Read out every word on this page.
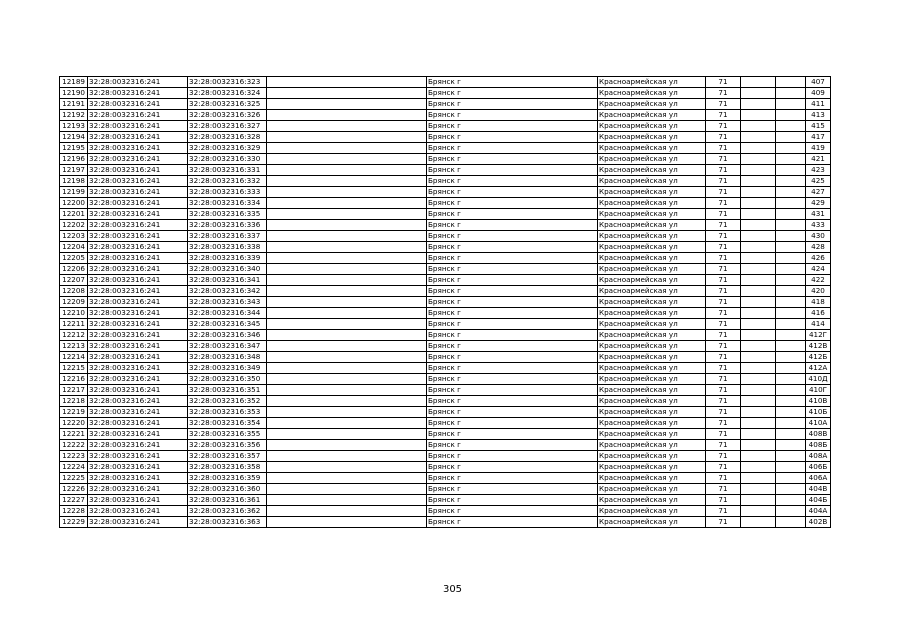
12189	32:28:0032316:241	32:28:0032316:323		Брянск г	Красноармейская ул	71			407
12190	32:28:0032316:241	32:28:0032316:324		Брянск г	Красноармейская ул	71			409
12191	32:28:0032316:241	32:28:0032316:325		Брянск г	Красноармейская ул	71			411
12192	32:28:0032316:241	32:28:0032316:326		Брянск г	Красноармейская ул	71			413
12193	32:28:0032316:241	32:28:0032316:327		Брянск г	Красноармейская ул	71			415
12194	32:28:0032316:241	32:28:0032316:328		Брянск г	Красноармейская ул	71			417
12195	32:28:0032316:241	32:28:0032316:329		Брянск г	Красноармейская ул	71			419
12196	32:28:0032316:241	32:28:0032316:330		Брянск г	Красноармейская ул	71			421
12197	32:28:0032316:241	32:28:0032316:331		Брянск г	Красноармейская ул	71			423
12198	32:28:0032316:241	32:28:0032316:332		Брянск г	Красноармейская ул	71			425
12199	32:28:0032316:241	32:28:0032316:333		Брянск г	Красноармейская ул	71			427
12200	32:28:0032316:241	32:28:0032316:334		Брянск г	Красноармейская ул	71			429
12201	32:28:0032316:241	32:28:0032316:335		Брянск г	Красноармейская ул	71			431
12202	32:28:0032316:241	32:28:0032316:336		Брянск г	Красноармейская ул	71			433
12203	32:28:0032316:241	32:28:0032316:337		Брянск г	Красноармейская ул	71			430
12204	32:28:0032316:241	32:28:0032316:338		Брянск г	Красноармейская ул	71			428
12205	32:28:0032316:241	32:28:0032316:339		Брянск г	Красноармейская ул	71			426
12206	32:28:0032316:241	32:28:0032316:340		Брянск г	Красноармейская ул	71			424
12207	32:28:0032316:241	32:28:0032316:341		Брянск г	Красноармейская ул	71			422
12208	32:28:0032316:241	32:28:0032316:342		Брянск г	Красноармейская ул	71			420
12209	32:28:0032316:241	32:28:0032316:343		Брянск г	Красноармейская ул	71			418
12210	32:28:0032316:241	32:28:0032316:344		Брянск г	Красноармейская ул	71			416
12211	32:28:0032316:241	32:28:0032316:345		Брянск г	Красноармейская ул	71			414
12212	32:28:0032316:241	32:28:0032316:346		Брянск г	Красноармейская ул	71			412Г
12213	32:28:0032316:241	32:28:0032316:347		Брянск г	Красноармейская ул	71			412В
12214	32:28:0032316:241	32:28:0032316:348		Брянск г	Красноармейская ул	71			412Б
12215	32:28:0032316:241	32:28:0032316:349		Брянск г	Красноармейская ул	71			412А
12216	32:28:0032316:241	32:28:0032316:350		Брянск г	Красноармейская ул	71			410Д
12217	32:28:0032316:241	32:28:0032316:351		Брянск г	Красноармейская ул	71			410Г
12218	32:28:0032316:241	32:28:0032316:352		Брянск г	Красноармейская ул	71			410В
12219	32:28:0032316:241	32:28:0032316:353		Брянск г	Красноармейская ул	71			410Б
12220	32:28:0032316:241	32:28:0032316:354		Брянск г	Красноармейская ул	71			410А
12221	32:28:0032316:241	32:28:0032316:355		Брянск г	Красноармейская ул	71			408В
12222	32:28:0032316:241	32:28:0032316:356		Брянск г	Красноармейская ул	71			408Б
12223	32:28:0032316:241	32:28:0032316:357		Брянск г	Красноармейская ул	71			408А
12224	32:28:0032316:241	32:28:0032316:358		Брянск г	Красноармейская ул	71			406Б
12225	32:28:0032316:241	32:28:0032316:359		Брянск г	Красноармейская ул	71			406А
12226	32:28:0032316:241	32:28:0032316:360		Брянск г	Красноармейская ул	71			404В
12227	32:28:0032316:241	32:28:0032316:361		Брянск г	Красноармейская ул	71			404Б
12228	32:28:0032316:241	32:28:0032316:362		Брянск г	Красноармейская ул	71			404А
12229	32:28:0032316:241	32:28:0032316:363		Брянск г	Красноармейская ул	71			402В
305
